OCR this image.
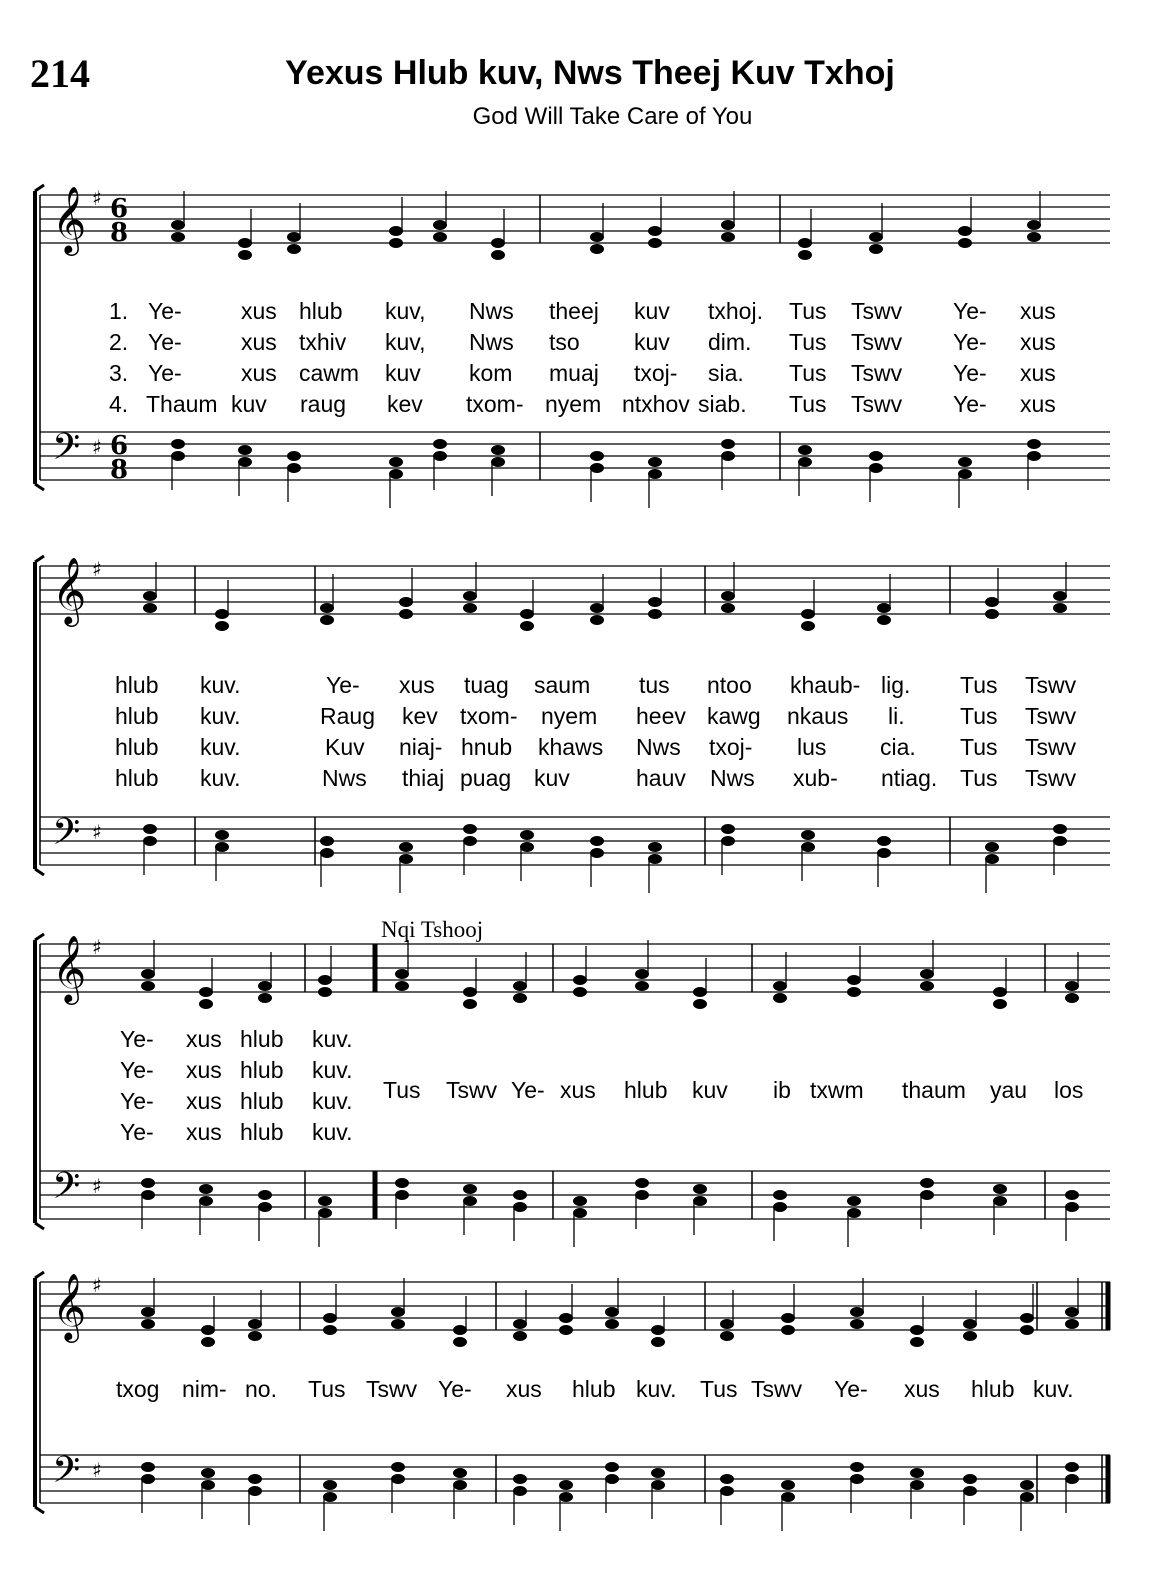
214	Yexus Hlub kuv, Nws Theej Kuv Txhoj
God Will Take Care of You
Nqi Tshooj
𝄞
𝄢
♯
♯
6
8
6
8
𝄞
𝄢
♯
♯
𝄞
𝄢
♯
♯
𝄞
𝄢
♯
♯
1. Ye-	xus hlub kuv, Nws theej kuv txhoj. Tus Tswv Ye- xus
2. Ye-	xus txhiv kuv, Nws tso kuv dim. Tus Tswv Ye- xus
3. Ye-	xus cawm kuv kom muaj txoj- sia. Tus Tswv Ye- xus
4. Thaum kuv raug kev txom- nyem ntxhov siab. Tus Tswv Ye- xus
hlub kuv.	Ye- xus tuag saum tus ntoo khaub- lig. Tus Tswv
hlub kuv.	Raug kev txom- nyem heev kawg nkaus li. Tus Tswv
hlub kuv.	Kuv niaj- hnub khaws Nws txoj- lus cia. Tus Tswv
hlub kuv.	Nws thiaj puag kuv	hauv Nws xub- ntiag. Tus Tswv
Ye- xus hlub kuv.
Ye- xus hlub kuv.
Ye- xus hlub kuv.
Ye- xus hlub kuv.
Tus Tswv Ye- xus hlub kuv ib txwm thaum yau los
txog nim- no. Tus Tswv Ye- xus hlub kuv. Tus Tswv Ye- xus hlub kuv.
